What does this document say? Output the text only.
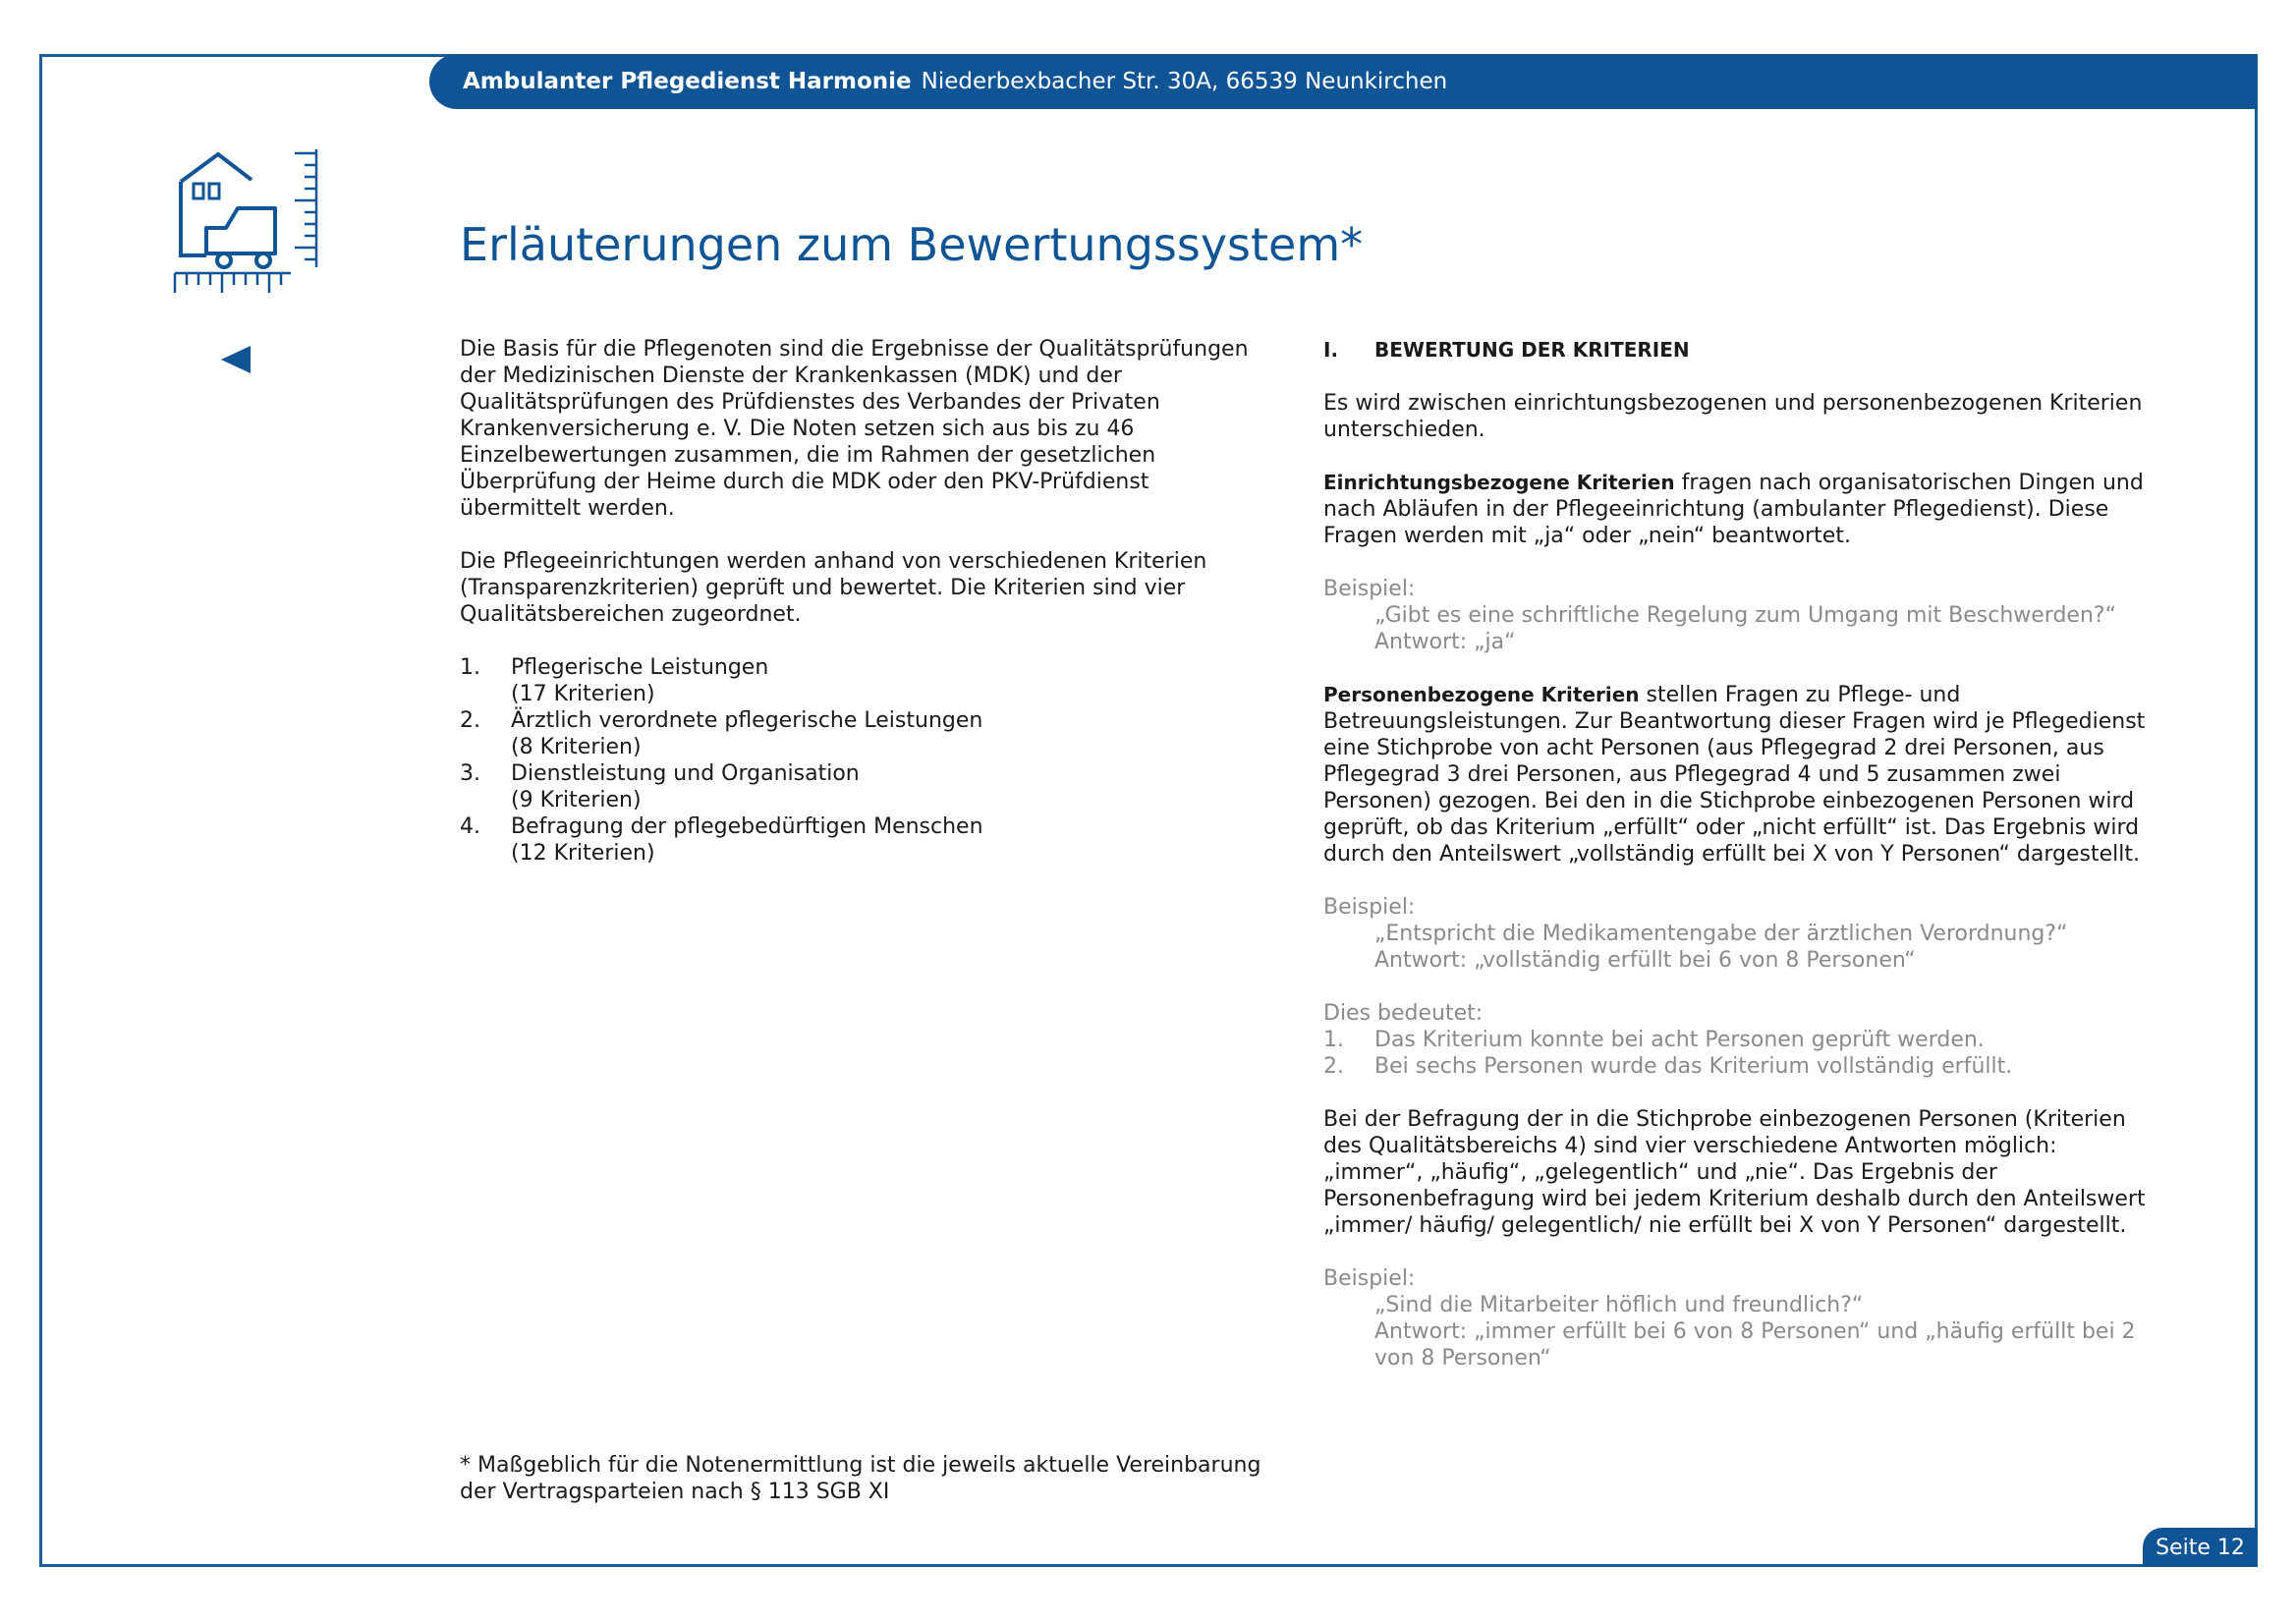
Ambulanter Pflegedienst Harmonie Niederbexbacher Str. 30A, 66539 Neunkirchen
Erläuterungen zum Bewertungssystem*

Die Basis für die Pflegenoten sind die Ergebnisse der Qualitätsprüfungen der Medizinischen Dienste der Krankenkassen (MDK) und der Qualitätsprüfungen des Prüfdienstes des Verbandes der Privaten Krankenversicherung e. V. Die Noten setzen sich aus bis zu 46 Einzelbewertungen zusammen, die im Rahmen der gesetzlichen Überprüfung der Heime durch die MDK oder den PKV-Prüfdienst übermittelt werden.

Die Pflegeeinrichtungen werden anhand von verschiedenen Kriterien (Transparenzkriterien) geprüft und bewertet. Die Kriterien sind vier Qualitätsbereichen zugeordnet.

1.	Pflegerische Leistungen
(17 Kriterien)
2.	Ärztlich verordnete pflegerische Leistungen
(8 Kriterien)
3.	Dienstleistung und Organisation
(9 Kriterien)
4.	Befragung der pflegebedürftigen Menschen
(12 Kriterien)
I.	BEWERTUNG DER KRITERIEN

Es wird zwischen einrichtungsbezogenen und personenbezogenen Kriterien unterschieden.

Einrichtungsbezogene Kriterien fragen nach organisatorischen Dingen und nach Abläufen in der Pflegeeinrichtung (ambulanter Pflegedienst). Diese Fragen werden mit „ja“ oder „nein“ beantwortet.

Beispiel:

„Gibt es eine schriftliche Regelung zum Umgang mit Beschwerden?“

Antwort: „ja“

Personenbezogene Kriterien stellen Fragen zu Pflege- und Betreuungsleistungen. Zur Beantwortung dieser Fragen wird je Pflegedienst eine Stichprobe von acht Personen (aus Pflegegrad 2 drei Personen, aus Pflegegrad 3 drei Personen, aus Pflegegrad 4 und 5 zusammen zwei Personen) gezogen. Bei den in die Stichprobe einbezogenen Personen wird geprüft, ob das Kriterium „erfüllt“ oder „nicht erfüllt“ ist. Das Ergebnis wird durch den Anteilswert „vollständig erfüllt bei X von Y Personen“ dargestellt.

Beispiel:

„Entspricht die Medikamentengabe der ärztlichen Verordnung?“

Antwort: „vollständig erfüllt bei 6 von 8 Personen“

Dies bedeutet:

1.	Das Kriterium konnte bei acht Personen geprüft werden.
2.	Bei sechs Personen wurde das Kriterium vollständig erfüllt.

Bei der Befragung der in die Stichprobe einbezogenen Personen (Kriterien des Qualitätsbereichs 4) sind vier verschiedene Antworten möglich: „immer“, „häufig“, „gelegentlich“ und „nie“. Das Ergebnis der Personenbefragung wird bei jedem Kriterium deshalb durch den Anteilswert „immer/ häufig/ gelegentlich/ nie erfüllt bei X von Y Personen“ dargestellt.

Beispiel:

„Sind die Mitarbeiter höflich und freundlich?“

Antwort: „immer erfüllt bei 6 von 8 Personen“ und „häufig erfüllt bei 2 von 8 Personen“

* Maßgeblich für die Notenermittlung ist die jeweils aktuelle Vereinbarung der Vertragsparteien nach § 113 SGB XI

Seite 12
